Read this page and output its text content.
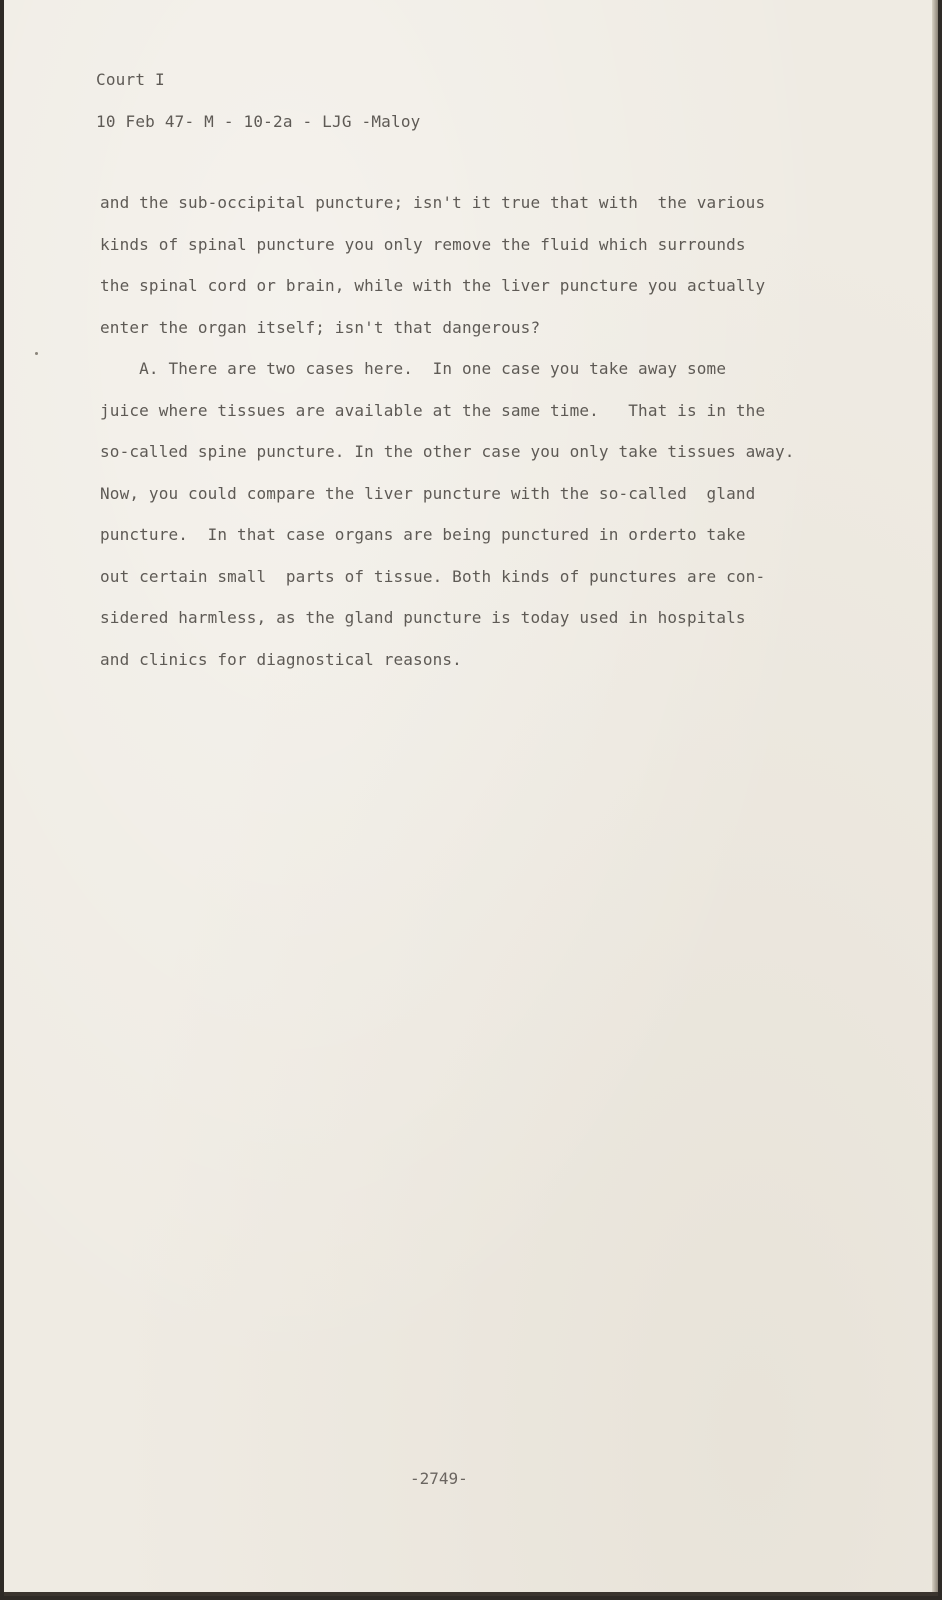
Court I

10 Feb 47- M - 10-2a - LJG -Maloy

and the sub-occipital puncture; isn't it true that with  the various

kinds of spinal puncture you only remove the fluid which surrounds

the spinal cord or brain, while with the liver puncture you actually

enter the organ itself; isn't that dangerous?

A. There are two cases here.  In one case you take away some

juice where tissues are available at the same time.   That is in the

so-called spine puncture. In the other case you only take tissues away.

Now, you could compare the liver puncture with the so-called  gland

puncture.  In that case organs are being punctured in orderto take

out certain small  parts of tissue. Both kinds of punctures are con-

sidered harmless, as the gland puncture is today used in hospitals

and clinics for diagnostical reasons.

-2749-
